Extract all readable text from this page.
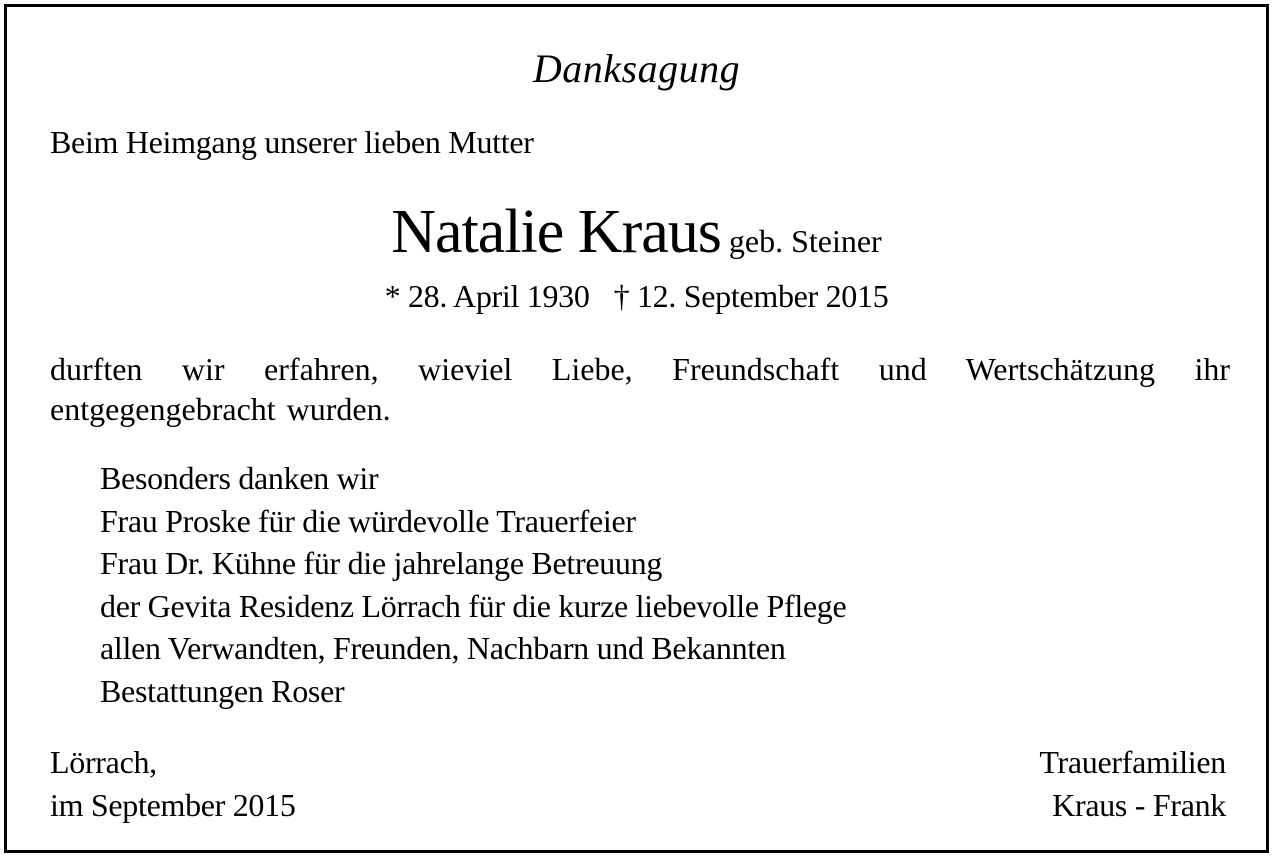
Danksagung
Beim Heimgang unserer lieben Mutter
Natalie Kraus geb. Steiner
* 28. April 1930 † 12. September 2015
durften wir erfahren, wieviel Liebe, Freundschaft und Wertschätzung ihr entgegengebracht wurden.
Besonders danken wir
Frau Proske für die würdevolle Trauerfeier
Frau Dr. Kühne für die jahrelange Betreuung
der Gevita Residenz Lörrach für die kurze liebevolle Pflege
allen Verwandten, Freunden, Nachbarn und Bekannten
Bestattungen Roser
Lörrach,
im September 2015
Trauerfamilien
Kraus - Frank
